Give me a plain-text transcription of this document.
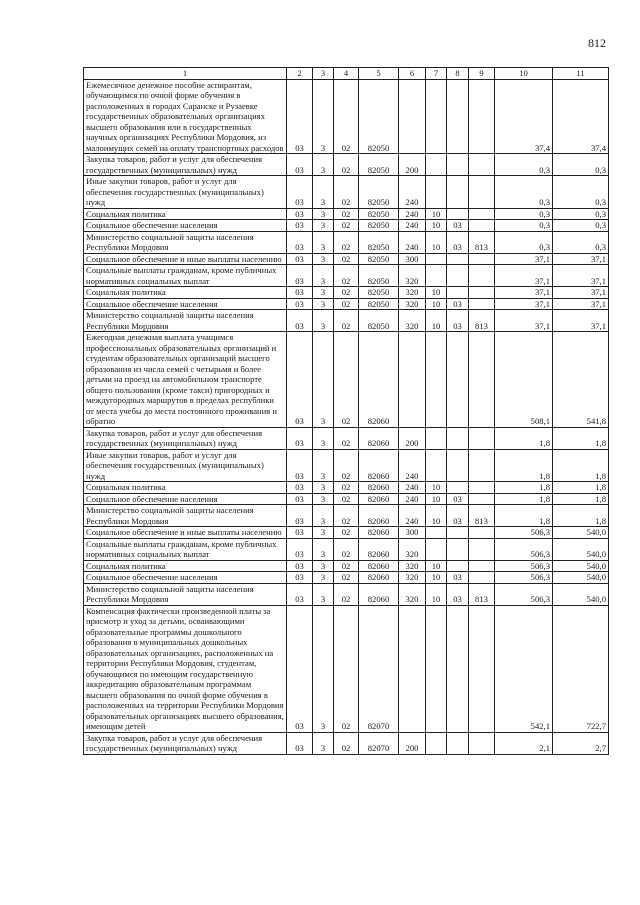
812
1	2	3	4	5	6	7	8	9	10	11
Ежемесячное денежное пособие аспирантам, обучающимся по очной форме обучения в расположенных в городах Саранске и Рузаевке государственных образовательных организациях высшего образования или в государственных научных организациях Республики Мордовия, из малоимущих семей на оплату транспортных расходов	03	3	02	82050					37,4	37,4
Закупка товаров, работ и услуг для обеспечения государственных (муниципальных) нужд	03	3	02	82050	200				0,3	0,3
Иные закупки товаров, работ и услуг для обеспечения государственных (муниципальных) нужд	03	3	02	82050	240				0,3	0,3
Социальная политика	03	3	02	82050	240	10			0,3	0,3
Социальное обеспечение населения	03	3	02	82050	240	10	03		0,3	0,3
Министерство социальной защиты населения Республики Мордовия	03	3	02	82050	240	10	03	813	0,3	0,3
Социальное обеспечение и иные выплаты населению	03	3	02	82050	300				37,1	37,1
Социальные выплаты гражданам, кроме публичных нормативных социальных выплат	03	3	02	82050	320				37,1	37,1
Социальная политика	03	3	02	82050	320	10			37,1	37,1
Социальное обеспечение населения	03	3	02	82050	320	10	03		37,1	37,1
Министерство социальной защиты населения Республики Мордовия	03	3	02	82050	320	10	03	813	37,1	37,1
Ежегодная денежная выплата учащимся профессиональных образовательных организаций и студентам образовательных организаций высшего образования из числа семей с четырьмя и более детьми на проезд на автомобильном транспорте общего пользования (кроме такси) пригородных и междугородных маршрутов в пределах республики от места учебы до места постоянного проживания и обратно	03	3	02	82060					508,1	541,8
Закупка товаров, работ и услуг для обеспечения государственных (муниципальных) нужд	03	3	02	82060	200				1,8	1,8
Иные закупки товаров, работ и услуг для обеспечения государственных (муниципальных) нужд	03	3	02	82060	240				1,8	1,8
Социальная политика	03	3	02	82060	240	10			1,8	1,8
Социальное обеспечение населения	03	3	02	82060	240	10	03		1,8	1,8
Министерство социальной защиты населения Республики Мордовия	03	3	02	82060	240	10	03	813	1,8	1,8
Социальное обеспечение и иные выплаты населению	03	3	02	82060	300				506,3	540,0
Социальные выплаты гражданам, кроме публичных нормативных социальных выплат	03	3	02	82060	320				506,3	540,0
Социальная политика	03	3	02	82060	320	10			506,3	540,0
Социальное обеспечение населения	03	3	02	82060	320	10	03		506,3	540,0
Министерство социальной защиты населения Республики Мордовия	03	3	02	82060	320	10	03	813	506,3	540,0
Компенсация фактически произведенной платы за присмотр и уход за детьми, осваивающими образовательные программы дошкольного образования в муниципальных дошкольных образовательных организациях, расположенных на территории Республики Мордовия, студентам, обучающимся по имеющим государственную аккредитацию образовательным программам высшего образования по очной форме обучения в расположенных на территории Республики Мордовия образовательных организациях высшего образования, имеющим детей	03	3	02	82070					542,1	722,7
Закупка товаров, работ и услуг для обеспечения государственных (муниципальных) нужд	03	3	02	82070	200				2,1	2,7
